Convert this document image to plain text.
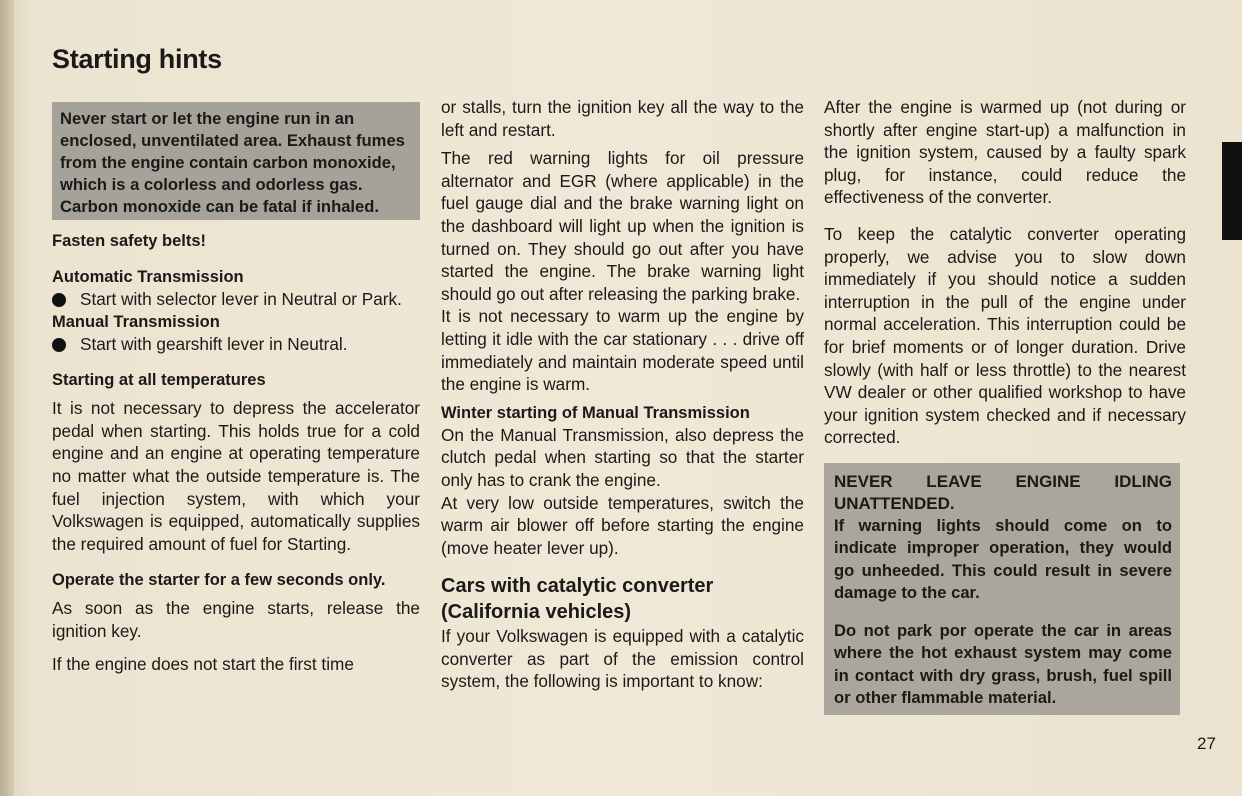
Starting hints

Never start or let the engine run in an enclosed, unventilated area. Exhaust fumes from the engine contain carbon monoxide, which is a colorless and odorless gas. Carbon monoxide can be fatal if inhaled.

Fasten safety belts!

Automatic Transmission

Start with selector lever in Neutral or Park.

Manual Transmission

Start with gearshift lever in Neutral.

Starting at all temperatures

It is not necessary to depress the accelerator pedal when starting. This holds true for a cold engine and an engine at operating temperature no matter what the outside temperature is. The fuel injection system, with which your Volkswagen is equipped, automatically supplies the required amount of fuel for Starting.

Operate the starter for a few seconds only.

As soon as the engine starts, release the ignition key.

If the engine does not start the first time

or stalls, turn the ignition key all the way to the left and restart.

The red warning lights for oil pressure alternator and EGR (where applicable) in the fuel gauge dial and the brake warning light on the dashboard will light up when the ignition is turned on. They should go out after you have started the engine. The brake warning light should go out after releasing the parking brake.

It is not necessary to warm up the engine by letting it idle with the car stationary . . . drive off immediately and maintain moderate speed until the engine is warm.

Winter starting of Manual Transmission

On the Manual Transmission, also depress the clutch pedal when starting so that the starter only has to crank the engine.

At very low outside temperatures, switch the warm air blower off before starting the engine (move heater lever up).

Cars with catalytic converter

(California vehicles)

If your Volkswagen is equipped with a catalytic converter as part of the emission control system, the following is important to know:

After the engine is warmed up (not during or shortly after engine start-up) a malfunction in the ignition system, caused by a faulty spark plug, for instance, could reduce the effectiveness of the converter.

To keep the catalytic converter operating properly, we advise you to slow down immediately if you should notice a sudden interruption in the pull of the engine under normal acceleration. This interruption could be for brief moments or of longer duration. Drive slowly (with half or less throttle) to the nearest VW dealer or other qualified workshop to have your ignition system checked and if necessary corrected.

NEVER LEAVE ENGINE IDLING UNATTENDED.

If warning lights should come on to indicate improper operation, they would go unheeded. This could result in severe damage to the car.

Do not park por operate the car in areas where the hot exhaust system may come in contact with dry grass, brush, fuel spill or other flammable material.

27
